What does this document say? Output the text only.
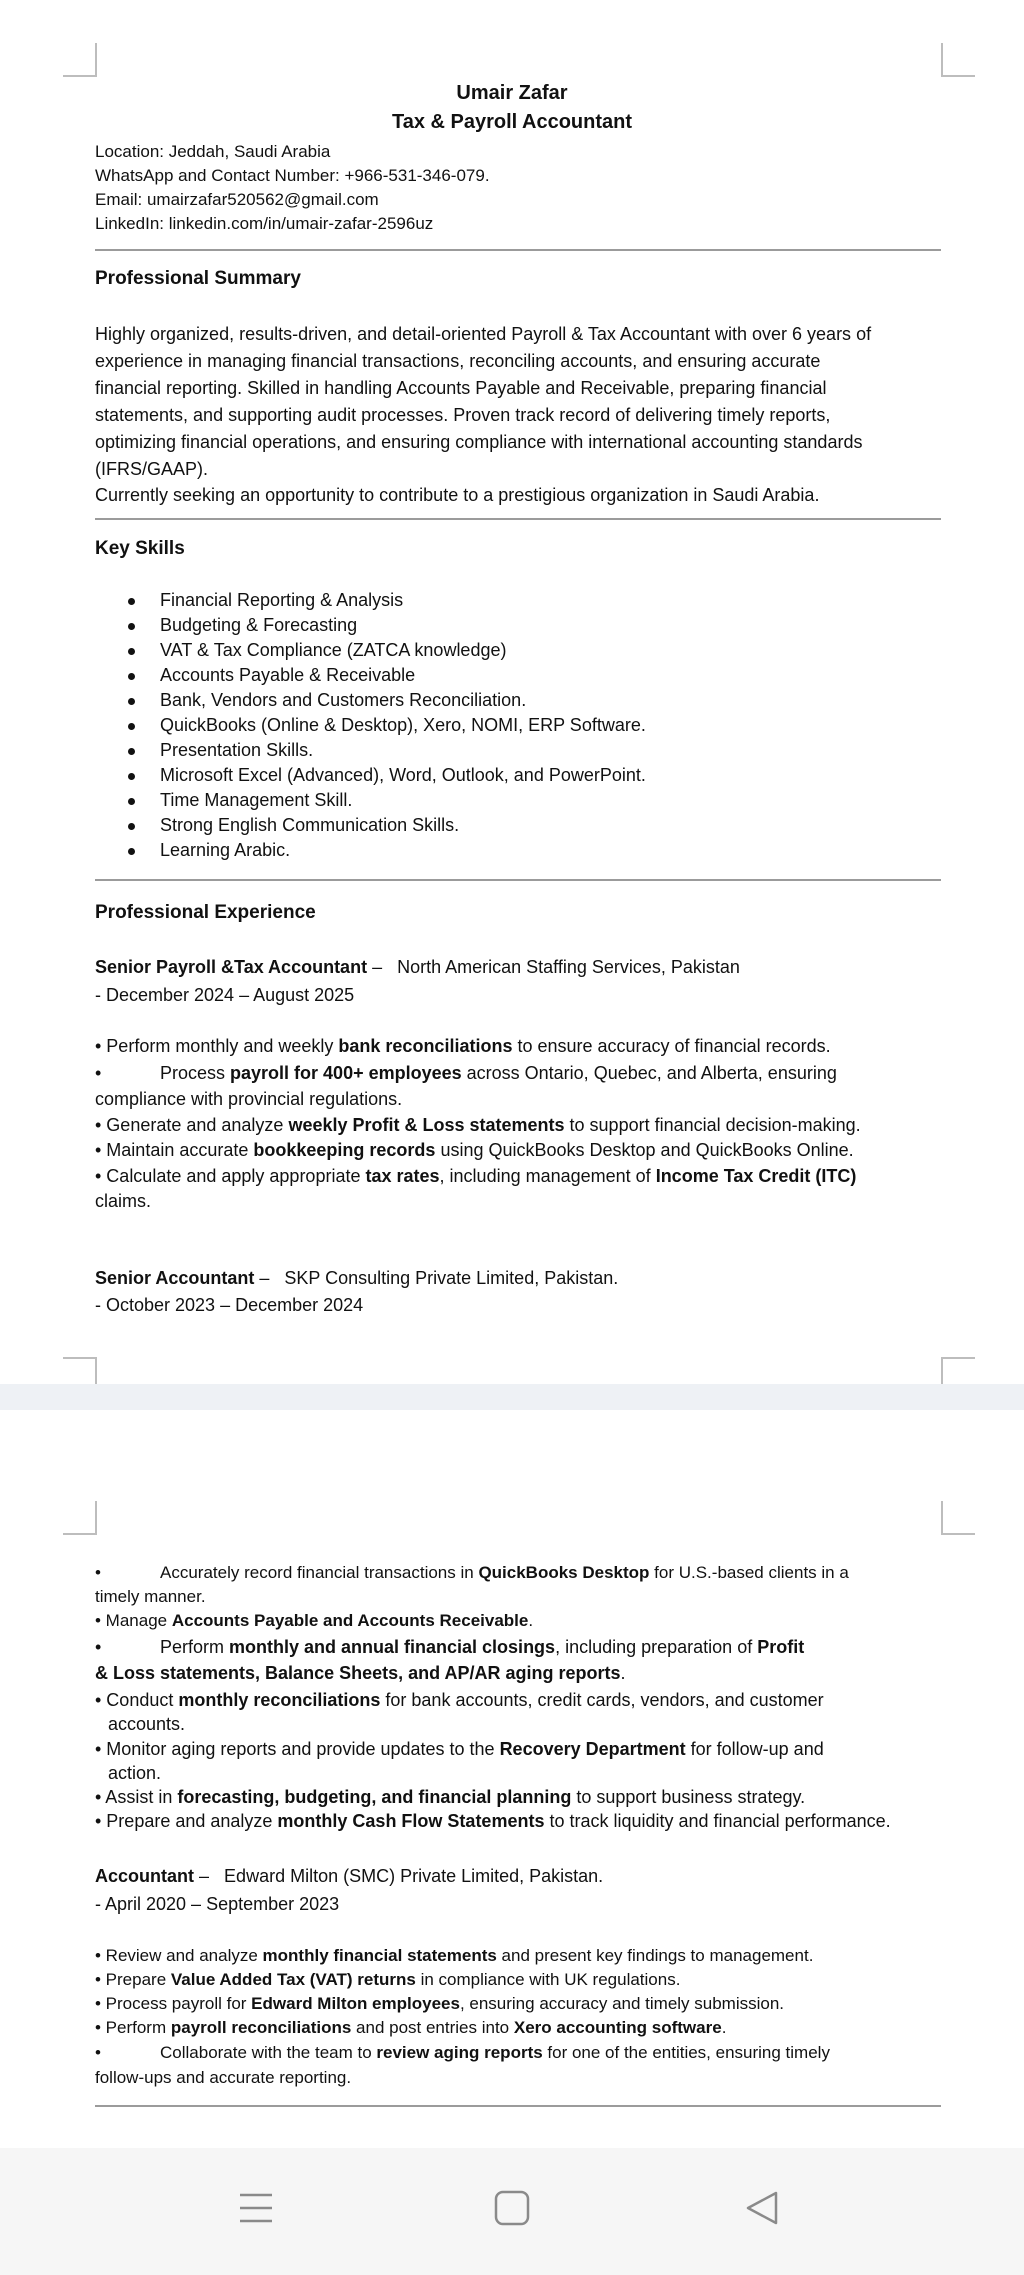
Umair Zafar
Tax & Payroll Accountant
Location: Jeddah, Saudi Arabia
WhatsApp and Contact Number: +966-531-346-079.
Email: umairzafar520562@gmail.com
LinkedIn: linkedin.com/in/umair-zafar-2596uz
Professional Summary
Highly organized, results-driven, and detail-oriented Payroll & Tax Accountant with over 6 years of
experience in managing financial transactions, reconciling accounts, and ensuring accurate
financial reporting. Skilled in handling Accounts Payable and Receivable, preparing financial
statements, and supporting audit processes. Proven track record of delivering timely reports,
optimizing financial operations, and ensuring compliance with international accounting standards
(IFRS/GAAP).
Currently seeking an opportunity to contribute to a prestigious organization in Saudi Arabia.
Key Skills
Financial Reporting & Analysis
Budgeting & Forecasting
VAT & Tax Compliance (ZATCA knowledge)
Accounts Payable & Receivable
Bank, Vendors and Customers Reconciliation.
QuickBooks (Online & Desktop), Xero, NOMI, ERP Software.
Presentation Skills.
Microsoft Excel (Advanced), Word, Outlook, and PowerPoint.
Time Management Skill.
Strong English Communication Skills.
Learning Arabic.
Professional Experience
Senior Payroll &Tax Accountant – North American Staffing Services, Pakistan
- December 2024 – August 2025
• Perform monthly and weekly bank reconciliations to ensure accuracy of financial records.
•	Process payroll for 400+ employees across Ontario, Quebec, and Alberta, ensuring
compliance with provincial regulations.
• Generate and analyze weekly Profit & Loss statements to support financial decision-making.
• Maintain accurate bookkeeping records using QuickBooks Desktop and QuickBooks Online.
• Calculate and apply appropriate tax rates, including management of Income Tax Credit (ITC)
claims.
Senior Accountant – SKP Consulting Private Limited, Pakistan.
- October 2023 – December 2024
•	Accurately record financial transactions in QuickBooks Desktop for U.S.-based clients in a
timely manner.
• Manage Accounts Payable and Accounts Receivable.
•	Perform monthly and annual financial closings, including preparation of Profit
& Loss statements, Balance Sheets, and AP/AR aging reports.
• Conduct monthly reconciliations for bank accounts, credit cards, vendors, and customer
accounts.
• Monitor aging reports and provide updates to the Recovery Department for follow-up and
action.
• Assist in forecasting, budgeting, and financial planning to support business strategy.
• Prepare and analyze monthly Cash Flow Statements to track liquidity and financial performance.
Accountant – Edward Milton (SMC) Private Limited, Pakistan.
- April 2020 – September 2023
• Review and analyze monthly financial statements and present key findings to management.
• Prepare Value Added Tax (VAT) returns in compliance with UK regulations.
• Process payroll for Edward Milton employees, ensuring accuracy and timely submission.
• Perform payroll reconciliations and post entries into Xero accounting software.
•	Collaborate with the team to review aging reports for one of the entities, ensuring timely
follow-ups and accurate reporting.
